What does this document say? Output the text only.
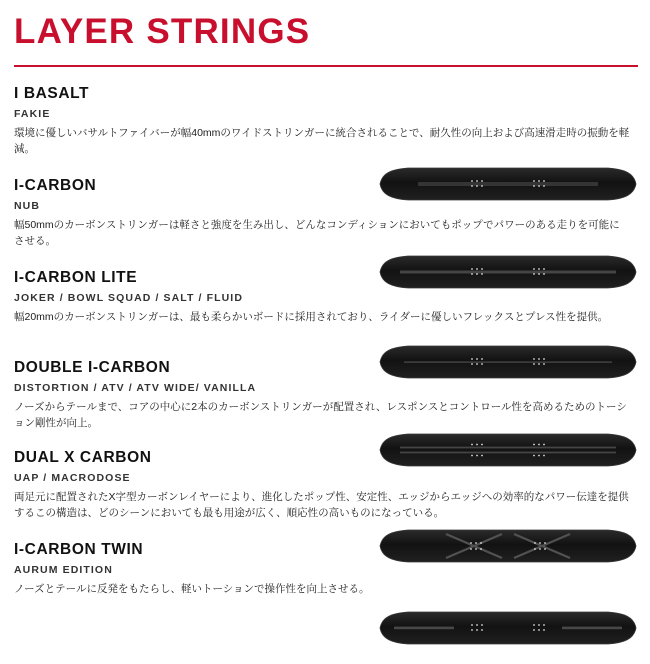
LAYER STRINGS
I BASALT
FAKIE
環境に優しいバサルトファイバーが幅40mmのワイドストリンガーに統合されることで、耐久性の向上および高速滑走時の振動を軽減。
I-CARBON
NUB
幅50mmのカーボンストリンガーは軽さと強度を生み出し、どんなコンディションにおいてもポップでパワーのある走りを可能にさせる。
I-CARBON LITE
JOKER / BOWL SQUAD / SALT / FLUID
幅20mmのカーボンストリンガーは、最も柔らかいボードに採用されており、ライダーに優しいフレックスとプレス性を提供。
DOUBLE I-CARBON
DISTORTION / ATV / ATV WIDE/ VANILLA
ノーズからテールまで、コアの中心に2本のカーボンストリンガーが配置され、レスポンスとコントロール性を高めるためのトーション剛性が向上。
DUAL X CARBON
UAP / MACRODOSE
両足元に配置されたX字型カーボンレイヤーにより、進化したポップ性、安定性、エッジからエッジへの効率的なパワー伝達を提供するこの構造は、どのシーンにおいても最も用途が広く、順応性の高いものになっている。
I-CARBON TWIN
AURUM EDITION
ノーズとテールに反発をもたらし、軽いトーションで操作性を向上させる。
